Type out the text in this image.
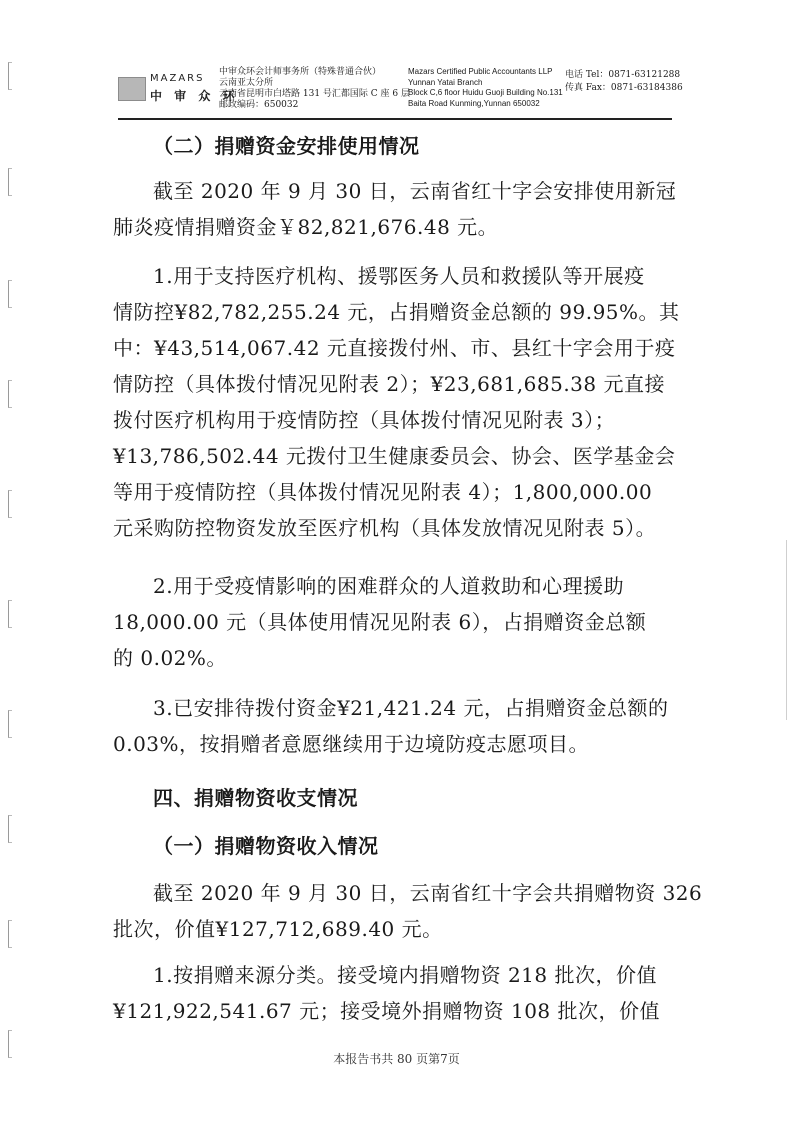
MAZARS
中 审 众 环
中审众环会计师事务所（特殊普通合伙）
云南亚太分所
云南省昆明市白塔路 131 号汇都国际 C 座 6 层
邮政编码：650032
Mazars Certified Public Accountants LLP
Yunnan Yatai Branch
Block C,6 floor Huidu Guoji Building No.131
Baita Road Kunming,Yunnan 650032
电话 Tel：0871-63121288
传真 Fax：0871-63184386
（二）捐赠资金安排使用情况
截至 2020 年 9 月 30 日，云南省红十字会安排使用新冠
肺炎疫情捐赠资金￥82,821,676.48 元。
1.用于支持医疗机构、援鄂医务人员和救援队等开展疫
情防控¥82,782,255.24 元，占捐赠资金总额的 99.95%。其
中：¥43,514,067.42 元直接拨付州、市、县红十字会用于疫
情防控（具体拨付情况见附表 2）；¥23,681,685.38 元直接
拨付医疗机构用于疫情防控（具体拨付情况见附表 3）；
¥13,786,502.44 元拨付卫生健康委员会、协会、医学基金会
等用于疫情防控（具体拨付情况见附表 4）；1,800,000.00
元采购防控物资发放至医疗机构（具体发放情况见附表 5）。
2.用于受疫情影响的困难群众的人道救助和心理援助
18,000.00 元（具体使用情况见附表 6），占捐赠资金总额
的 0.02%。
3.已安排待拨付资金¥21,421.24 元，占捐赠资金总额的
0.03%，按捐赠者意愿继续用于边境防疫志愿项目。
四、捐赠物资收支情况
（一）捐赠物资收入情况
截至 2020 年 9 月 30 日，云南省红十字会共捐赠物资 326
批次，价值¥127,712,689.40 元。
1.按捐赠来源分类。接受境内捐赠物资 218 批次，价值
¥121,922,541.67 元；接受境外捐赠物资 108 批次，价值
本报告书共 80 页第7页
